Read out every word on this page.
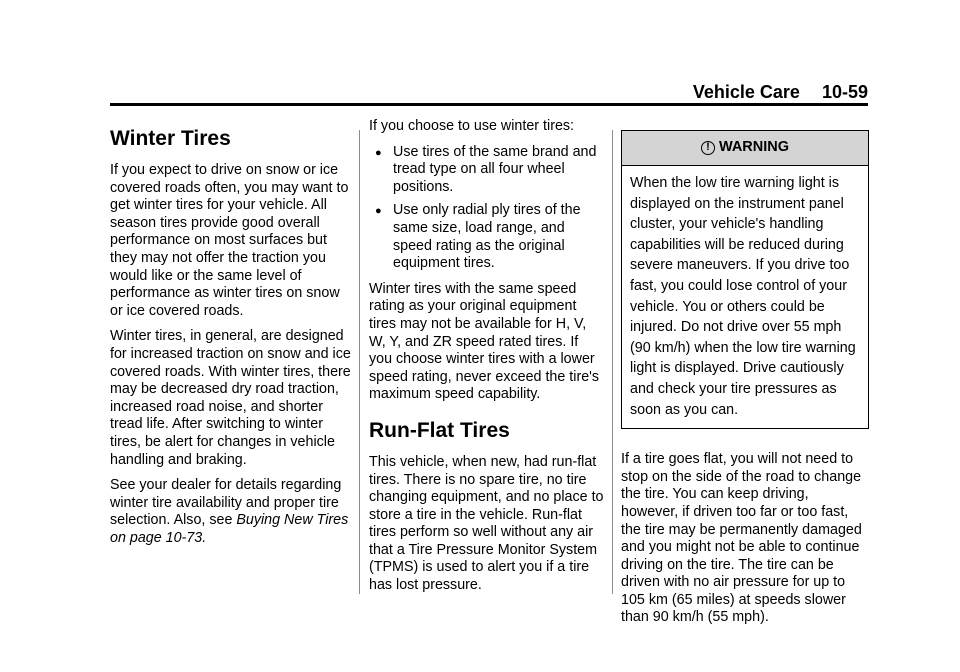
Vehicle Care 10-59
Winter Tires

If you expect to drive on snow or ice covered roads often, you may want to get winter tires for your vehicle. All season tires provide good overall performance on most surfaces but they may not offer the traction you would like or the same level of performance as winter tires on snow or ice covered roads.

Winter tires, in general, are designed for increased traction on snow and ice covered roads. With winter tires, there may be decreased dry road traction, increased road noise, and shorter tread life. After switching to winter tires, be alert for changes in vehicle handling and braking.

See your dealer for details regarding winter tire availability and proper tire selection. Also, see Buying New Tires on page 10-73.

If you choose to use winter tires:

● Use tires of the same brand and tread type on all four wheel positions.
● Use only radial ply tires of the same size, load range, and speed rating as the original equipment tires.

Winter tires with the same speed rating as your original equipment tires may not be available for H, V, W, Y, and ZR speed rated tires. If you choose winter tires with a lower speed rating, never exceed the tire's maximum speed capability.

Run-Flat Tires

This vehicle, when new, had run-flat tires. There is no spare tire, no tire changing equipment, and no place to store a tire in the vehicle. Run-flat tires perform so well without any air that a Tire Pressure Monitor System (TPMS) is used to alert you if a tire has lost pressure.

! WARNING
When the low tire warning light is displayed on the instrument panel cluster, your vehicle's handling capabilities will be reduced during severe maneuvers. If you drive too fast, you could lose control of your vehicle. You or others could be injured. Do not drive over 55 mph (90 km/h) when the low tire warning light is displayed. Drive cautiously and check your tire pressures as soon as you can.

If a tire goes flat, you will not need to stop on the side of the road to change the tire. You can keep driving, however, if driven too far or too fast, the tire may be permanently damaged and you might not be able to continue driving on the tire. The tire can be driven with no air pressure for up to 105 km (65 miles) at speeds slower than 90 km/h (55 mph).
